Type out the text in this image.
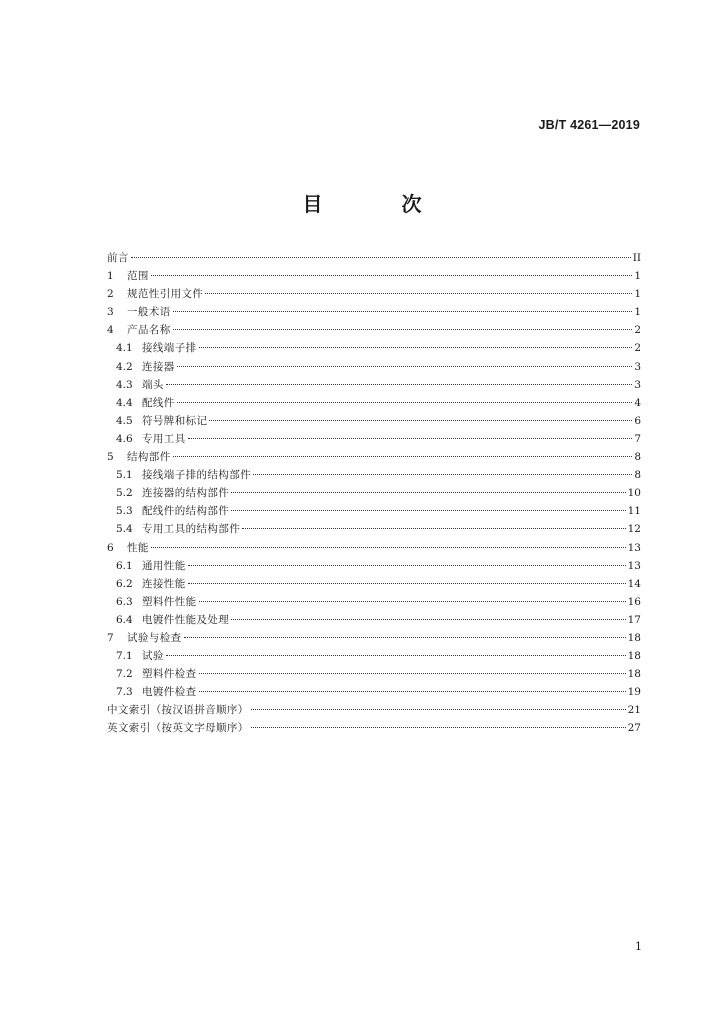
JB/T 4261—2019
目 次
前言	II
1	范围	1
2	规范性引用文件	1
3	一般术语	1
4	产品名称	2
4.1 接线端子排	2
4.2 连接器	3
4.3 端头	3
4.4 配线件	4
4.5 符号牌和标记	6
4.6 专用工具	7
5	结构部件	8
5.1 接线端子排的结构部件	8
5.2 连接器的结构部件	10
5.3 配线件的结构部件	11
5.4 专用工具的结构部件	12
6	性能	13
6.1 通用性能	13
6.2 连接性能	14
6.3 塑料件性能	16
6.4 电镀件性能及处理	17
7	试验与检查	18
7.1 试验	18
7.2 塑料件检查	18
7.3 电镀件检查	19
中文索引（按汉语拼音顺序）	21
英文索引（按英文字母顺序）	27
1
